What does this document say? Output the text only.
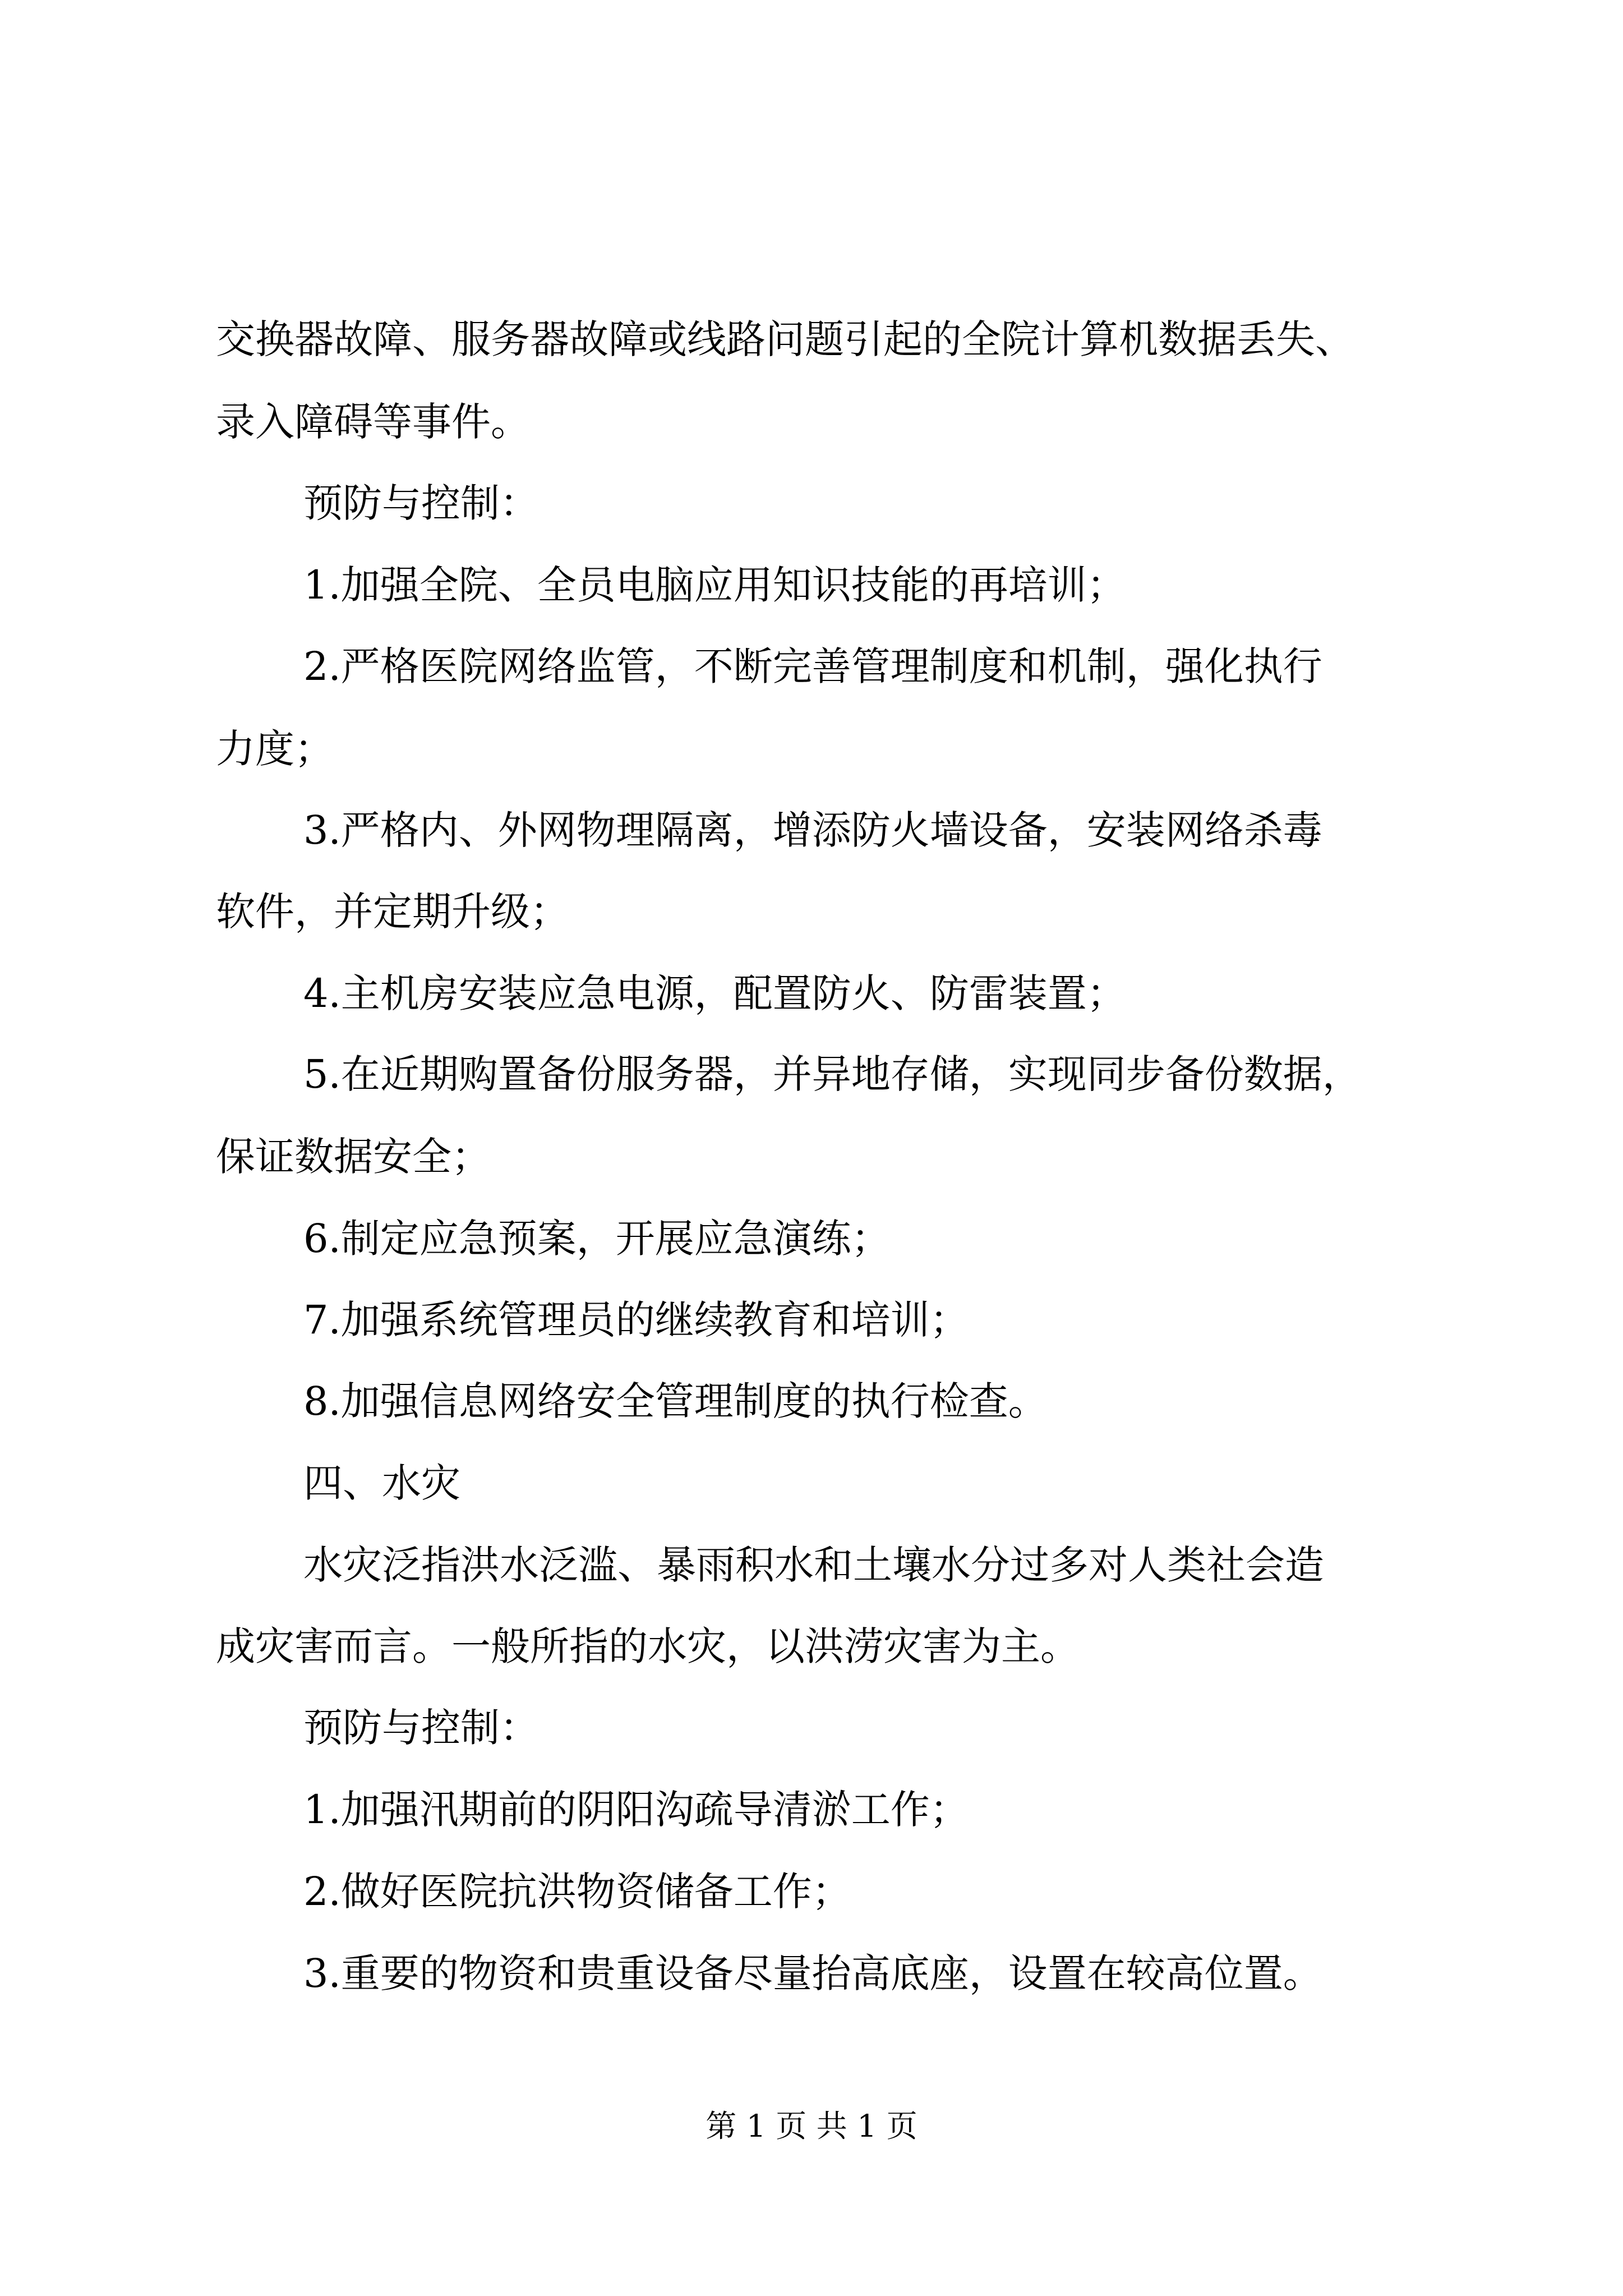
交换器故障、服务器故障或线路问题引起的全院计算机数据丢失、
录入障碍等事件。
预防与控制：
1.加强全院、全员电脑应用知识技能的再培训；
2.严格医院网络监管，不断完善管理制度和机制，强化执行
力度；
3.严格内、外网物理隔离，增添防火墙设备，安装网络杀毒
软件，并定期升级；
4.主机房安装应急电源，配置防火、防雷装置；
5.在近期购置备份服务器，并异地存储，实现同步备份数据，
保证数据安全；
6.制定应急预案，开展应急演练；
7.加强系统管理员的继续教育和培训；
8.加强信息网络安全管理制度的执行检查。
四、水灾
水灾泛指洪水泛滥、暴雨积水和土壤水分过多对人类社会造
成灾害而言。一般所指的水灾，以洪涝灾害为主。
预防与控制：
1.加强汛期前的阴阳沟疏导清淤工作；
2.做好医院抗洪物资储备工作；
3.重要的物资和贵重设备尽量抬高底座，设置在较高位置。
第 1 页 共 1 页
